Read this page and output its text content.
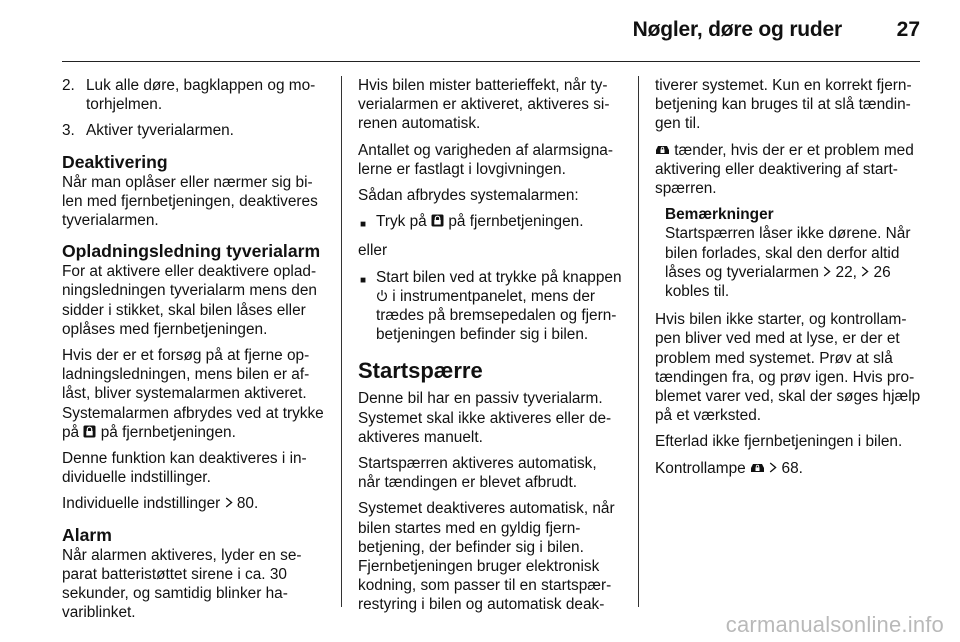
Nøgler, døre og ruder	27
2. Luk alle døre, bagklappen og mo-torhjelmen.
3. Aktiver tyverialarmen.
Deaktivering

Når man oplåser eller nærmer sig bi-len med fjernbetjeningen, deaktiveres tyverialarmen.

Opladningsledning tyverialarm

For at aktivere eller deaktivere oplad-ningsledningen tyverialarm mens den sidder i stikket, skal bilen låses eller oplåses med fjernbetjeningen.

Hvis der er et forsøg på at fjerne op-ladningsledningen, mens bilen er af-låst, bliver systemalarmen aktiveret. Systemalarmen afbrydes ved at trykke på på fjernbetjeningen.

Denne funktion kan deaktiveres i in-dividuelle indstillinger.

Individuelle indstillinger 80.

Alarm

Når alarmen aktiveres, lyder en se-parat batteristøttet sirene i ca. 30 sekunder, og samtidig blinker ha-variblinket.

Hvis bilen mister batterieffekt, når ty-verialarmen er aktiveret, aktiveres si-renen automatisk.

Antallet og varigheden af alarmsigna-lerne er fastlagt i lovgivningen.

Sådan afbrydes systemalarmen:

■ Tryk på på fjernbetjeningen.

eller

■ Start bilen ved at trykke på knappen  i instrumentpanelet, mens der trædes på bremsepedalen og fjern-betjeningen befinder sig i bilen.
Startspærre

Denne bil har en passiv tyverialarm. Systemet skal ikke aktiveres eller de-aktiveres manuelt.

Startspærren aktiveres automatisk, når tændingen er blevet afbrudt.

Systemet deaktiveres automatisk, når bilen startes med en gyldig fjern-betjening, der befinder sig i bilen. Fjernbetjeningen bruger elektronisk kodning, som passer til en startspær-restyring i bilen og automatisk deak-

tiverer systemet. Kun en korrekt fjern-betjening kan bruges til at slå tændin-gen til.

tænder, hvis der er et problem med aktivering eller deaktivering af start-spærren.

Bemærkninger
Startspærren låser ikke dørene. Når bilen forlades, skal den derfor altid låses og tyverialarmen 22, 26 kobles til.

Hvis bilen ikke starter, og kontrollam-pen bliver ved med at lyse, er der et problem med systemet. Prøv at slå tændingen fra, og prøv igen. Hvis pro-blemet varer ved, skal der søges hjælp på et værksted.

Efterlad ikke fjernbetjeningen i bilen.

Kontrollampe 68.

carmanualsonline.info
